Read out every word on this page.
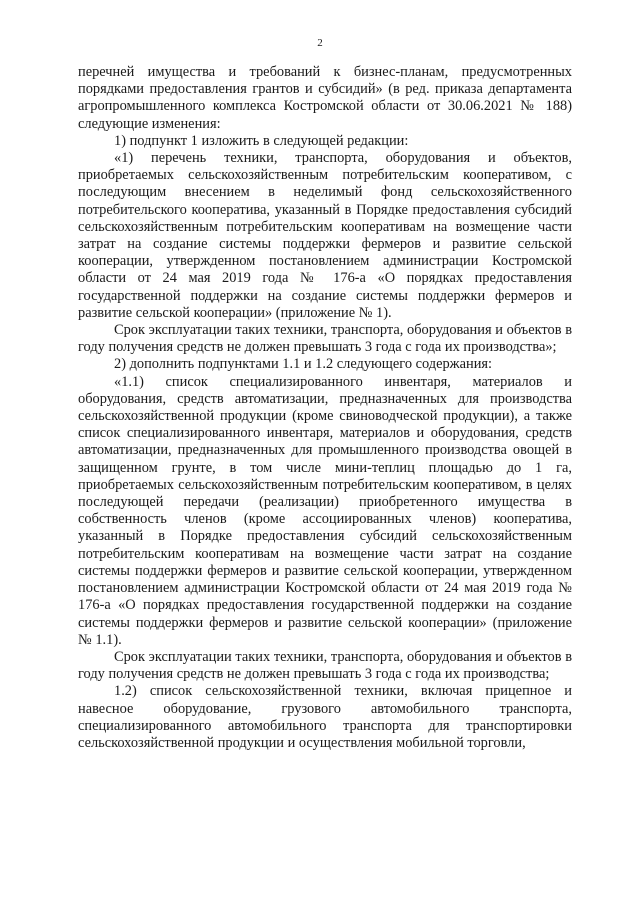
2

перечней имущества и требований к бизнес-планам, предусмотренных порядками предоставления грантов и субсидий» (в ред. приказа департамента агропромышленного комплекса Костромской области от 30.06.2021 № 188) следующие изменения:

1) подпункт 1 изложить в следующей редакции:

«1) перечень техники, транспорта, оборудования и объектов, приобретаемых сельскохозяйственным потребительским кооперативом, с последующим внесением в неделимый фонд сельскохозяйственного потребительского кооператива, указанный в Порядке предоставления субсидий сельскохозяйственным потребительским кооперативам на возмещение части затрат на создание системы поддержки фермеров и развитие сельской кооперации, утвержденном постановлением администрации Костромской области от 24 мая 2019 года № 176-а «О порядках предоставления государственной поддержки на создание системы поддержки фермеров и развитие сельской кооперации» (приложение № 1).

Срок эксплуатации таких техники, транспорта, оборудования и объектов в году получения средств не должен превышать 3 года с года их производства»;

2) дополнить подпунктами 1.1 и 1.2 следующего содержания:

«1.1) список специализированного инвентаря, материалов и оборудования, средств автоматизации, предназначенных для производства сельскохозяйственной продукции (кроме свиноводческой продукции), а также список специализированного инвентаря, материалов и оборудования, средств автоматизации, предназначенных для промышленного производства овощей в защищенном грунте, в том числе мини-теплиц площадью до 1 га, приобретаемых сельскохозяйственным потребительским кооперативом, в целях последующей передачи (реализации) приобретенного имущества в собственность членов (кроме ассоциированных членов) кооператива, указанный в Порядке предоставления субсидий сельскохозяйственным потребительским кооперативам на возмещение части затрат на создание системы поддержки фермеров и развитие сельской кооперации, утвержденном постановлением администрации Костромской области от 24 мая 2019 года № 176-а «О порядках предоставления государственной поддержки на создание системы поддержки фермеров и развитие сельской кооперации» (приложение № 1.1).

Срок эксплуатации таких техники, транспорта, оборудования и объектов в году получения средств не должен превышать 3 года с года их производства;

1.2) список сельскохозяйственной техники, включая прицепное и навесное оборудование, грузового автомобильного транспорта, специализированного автомобильного транспорта для транспортировки сельскохозяйственной продукции и осуществления мобильной торговли,
